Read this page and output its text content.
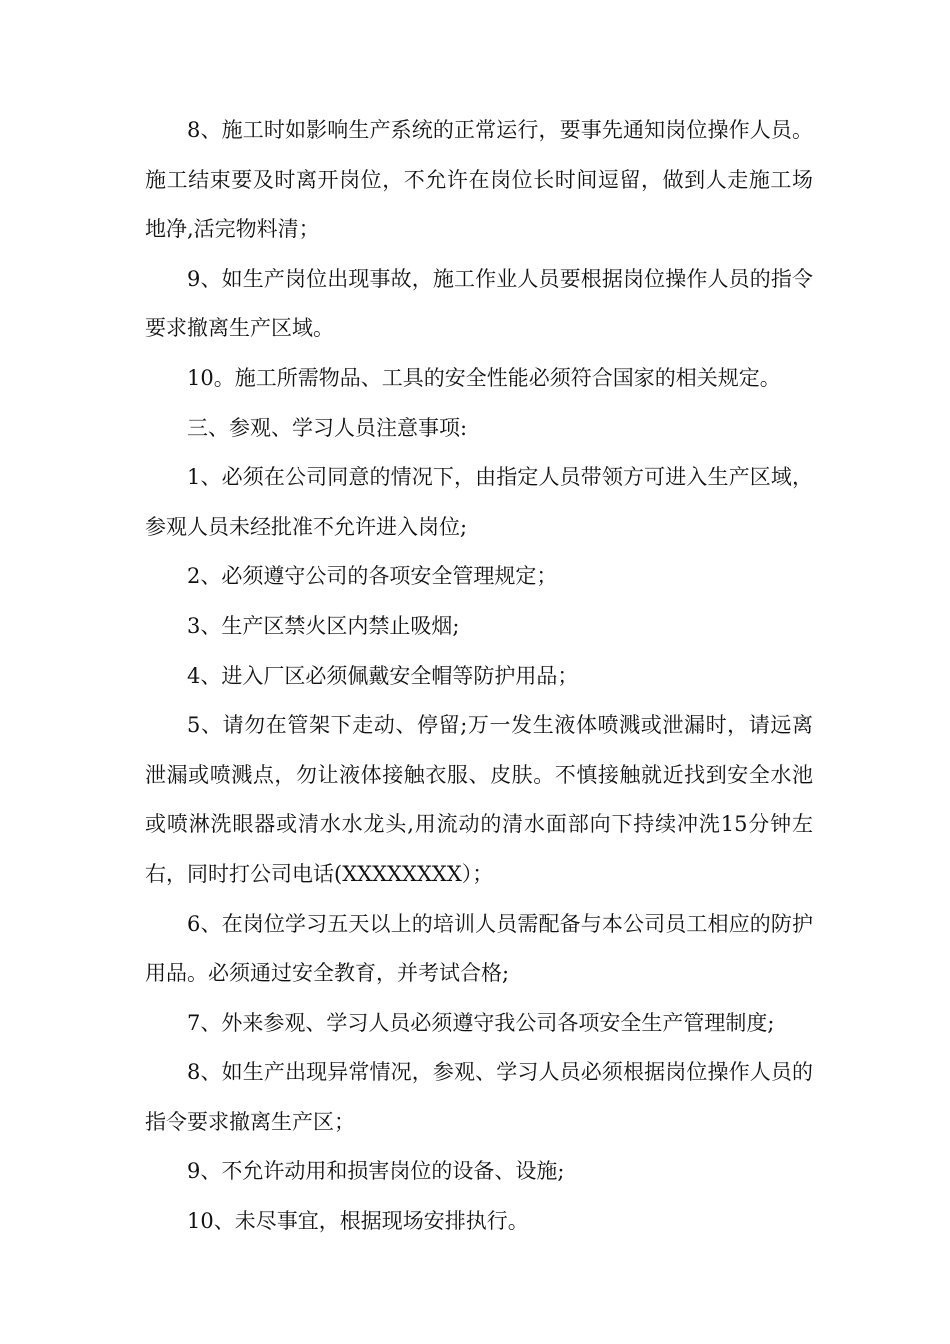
8、施工时如影响生产系统的正常运行，要事先通知岗位操作人员。施工结束要及时离开岗位，不允许在岗位长时间逗留，做到人走施工场地净,活完物料清；

9、如生产岗位出现事故，施工作业人员要根据岗位操作人员的指令要求撤离生产区域。

10。施工所需物品、工具的安全性能必须符合国家的相关规定。

三、参观、学习人员注意事项:

1、必须在公司同意的情况下，由指定人员带领方可进入生产区域，参观人员未经批准不允许进入岗位;

2、必须遵守公司的各项安全管理规定；

3、生产区禁火区内禁止吸烟;

4、进入厂区必须佩戴安全帽等防护用品；

5、请勿在管架下走动、停留;万一发生液体喷溅或泄漏时，请远离泄漏或喷溅点，勿让液体接触衣服、皮肤。不慎接触就近找到安全水池或喷淋洗眼器或清水水龙头,用流动的清水面部向下持续冲洗15分钟左右，同时打公司电话(XXXXXXXX）；

6、在岗位学习五天以上的培训人员需配备与本公司员工相应的防护用品。必须通过安全教育，并考试合格;

7、外来参观、学习人员必须遵守我公司各项安全生产管理制度;

8、如生产出现异常情况，参观、学习人员必须根据岗位操作人员的指令要求撤离生产区；

9、不允许动用和损害岗位的设备、设施;

10、未尽事宜，根据现场安排执行。
